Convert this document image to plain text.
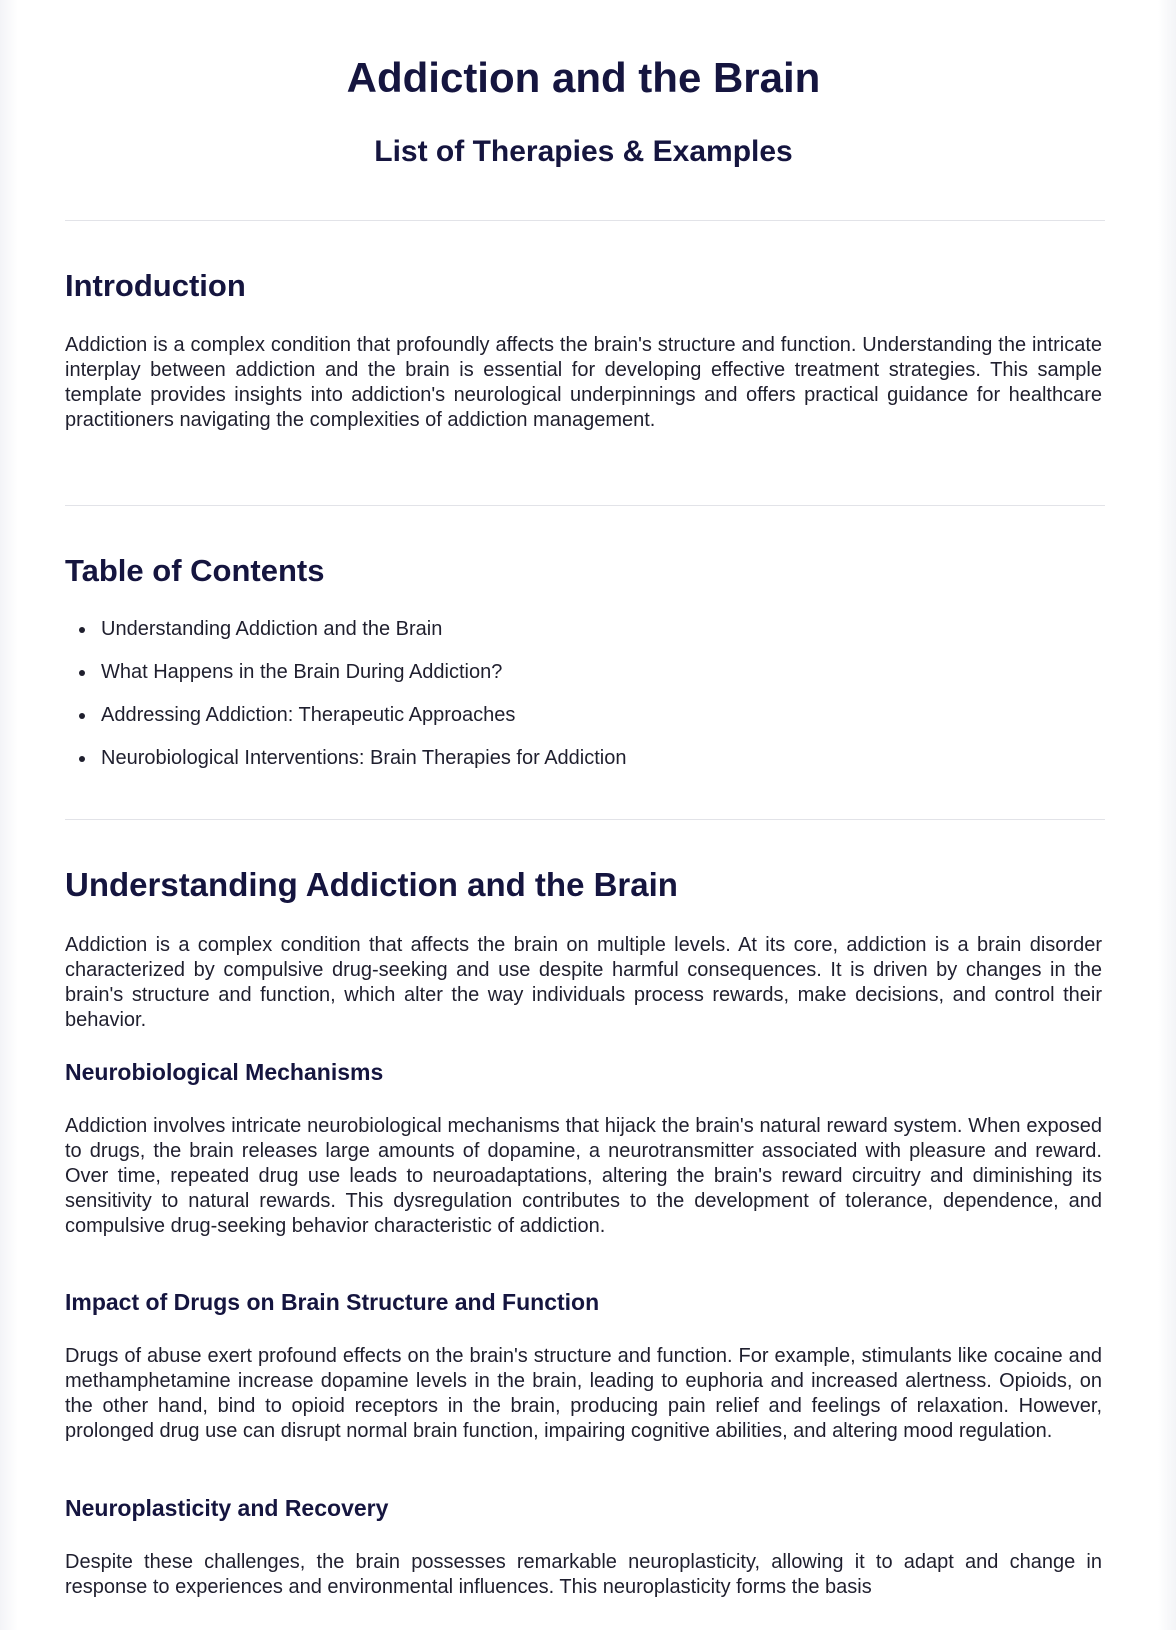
Addiction and the Brain
List of Therapies & Examples
Introduction

Addiction is a complex condition that profoundly affects the brain's structure and function. Understanding the intricate interplay between addiction and the brain is essential for developing effective treatment strategies. This sample template provides insights into addiction's neurological underpinnings and offers practical guidance for healthcare practitioners navigating the complexities of addiction management.

Table of Contents
Understanding Addiction and the Brain
What Happens in the Brain During Addiction?
Addressing Addiction: Therapeutic Approaches
Neurobiological Interventions: Brain Therapies for Addiction
Understanding Addiction and the Brain

Addiction is a complex condition that affects the brain on multiple levels. At its core, addiction is a brain disorder characterized by compulsive drug-seeking and use despite harmful consequences. It is driven by changes in the brain's structure and function, which alter the way individuals process rewards, make decisions, and control their behavior.

Neurobiological Mechanisms

Addiction involves intricate neurobiological mechanisms that hijack the brain's natural reward system. When exposed to drugs, the brain releases large amounts of dopamine, a neurotransmitter associated with pleasure and reward. Over time, repeated drug use leads to neuroadaptations, altering the brain's reward circuitry and diminishing its sensitivity to natural rewards. This dysregulation contributes to the development of tolerance, dependence, and compulsive drug-seeking behavior characteristic of addiction.

Impact of Drugs on Brain Structure and Function

Drugs of abuse exert profound effects on the brain's structure and function. For example, stimulants like cocaine and methamphetamine increase dopamine levels in the brain, leading to euphoria and increased alertness. Opioids, on the other hand, bind to opioid receptors in the brain, producing pain relief and feelings of relaxation. However, prolonged drug use can disrupt normal brain function, impairing cognitive abilities, and altering mood regulation.

Neuroplasticity and Recovery

Despite these challenges, the brain possesses remarkable neuroplasticity, allowing it to adapt and change in response to experiences and environmental influences. This neuroplasticity forms the basis
